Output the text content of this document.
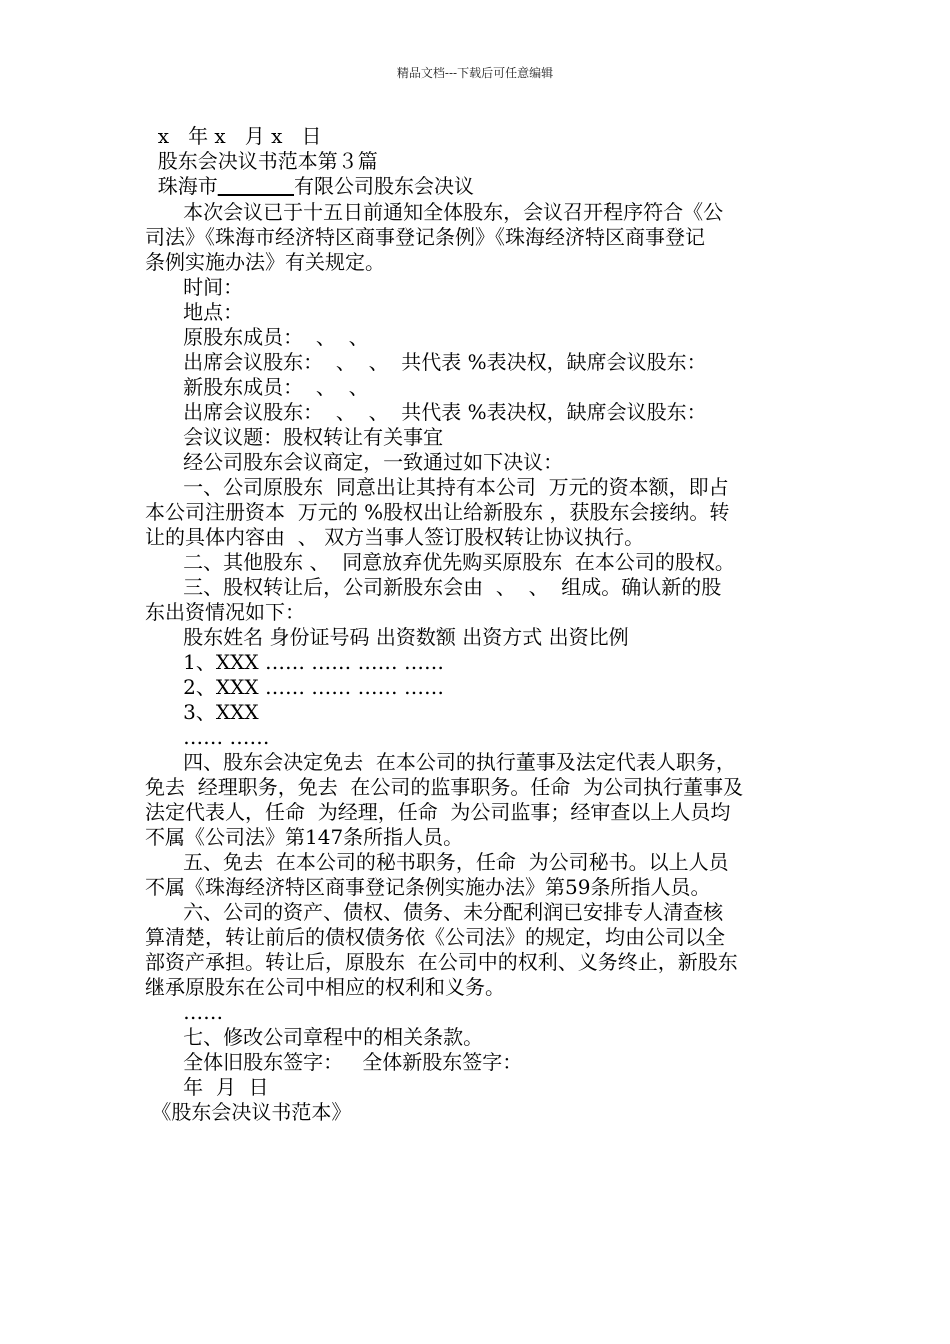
精品文档---下载后可任意编辑
x   年 x   月 x   日
股东会决议书范本第３篇
珠海市	有限公司股东会决议
本次会议已于十五日前通知全体股东，会议召开程序符合《公
司法》《珠海市经济特区商事登记条例》《珠海经济特区商事登记
条例实施办法》有关规定。
时间：
地点：
原股东成员：  、  、
出席会议股东：  、  、  共代表 %表决权，缺席会议股东：
新股东成员：  、  、
出席会议股东：  、  、  共代表 %表决权，缺席会议股东：
会议议题：股权转让有关事宜
经公司股东会议商定，一致通过如下决议：
一、公司原股东  同意出让其持有本公司  万元的资本额，即占
本公司注册资本  万元的 %股权出让给新股东 ，获股东会接纳。转
让的具体内容由  、 双方当事人签订股权转让协议执行。
二、其他股东 、  同意放弃优先购买原股东  在本公司的股权。
三、股权转让后，公司新股东会由  、  、  组成。确认新的股
东出资情况如下：
股东姓名 身份证号码 出资数额 出资方式 出资比例
1、XXX …… …… …… ……
2、XXX …… …… …… ……
3、XXX
…… ……
四、股东会决定免去  在本公司的执行董事及法定代表人职务，
免去  经理职务，免去  在公司的监事职务。任命  为公司执行董事及
法定代表人，任命  为经理，任命  为公司监事；经审查以上人员均
不属《公司法》第147条所指人员。
五、免去  在本公司的秘书职务，任命  为公司秘书。以上人员
不属《珠海经济特区商事登记条例实施办法》第59条所指人员。
六、公司的资产、债权、债务、未分配利润已安排专人清查核
算清楚，转让前后的债权债务依《公司法》的规定，均由公司以全
部资产承担。转让后，原股东  在公司中的权利、义务终止，新股东
继承原股东在公司中相应的权利和义务。
……
七、修改公司章程中的相关条款。
全体旧股东签字：   全体新股东签字：
年  月  日
《股东会决议书范本》
